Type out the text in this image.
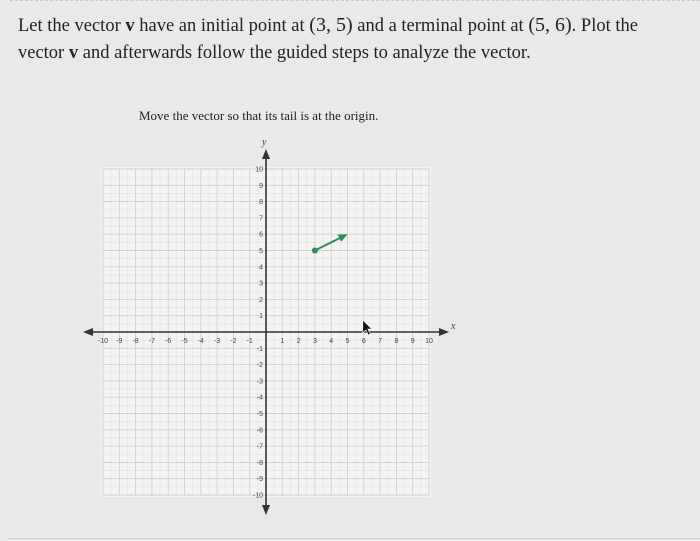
Let the vector v have an initial point at (3, 5) and a terminal point at (5, 6). Plot the vector v and afterwards follow the guided steps to analyze the vector.
Move the vector so that its tail is at the origin.
x
y
-10 -9 -8 -7 -6 -5 -4 -3 -2 -1	1 2 3 4 5 6 7 8 9 10
10
9
8
7
6
5
4
3
2
1
-1
-2
-3
-4
-5
-6
-7
-8
-9
-10
